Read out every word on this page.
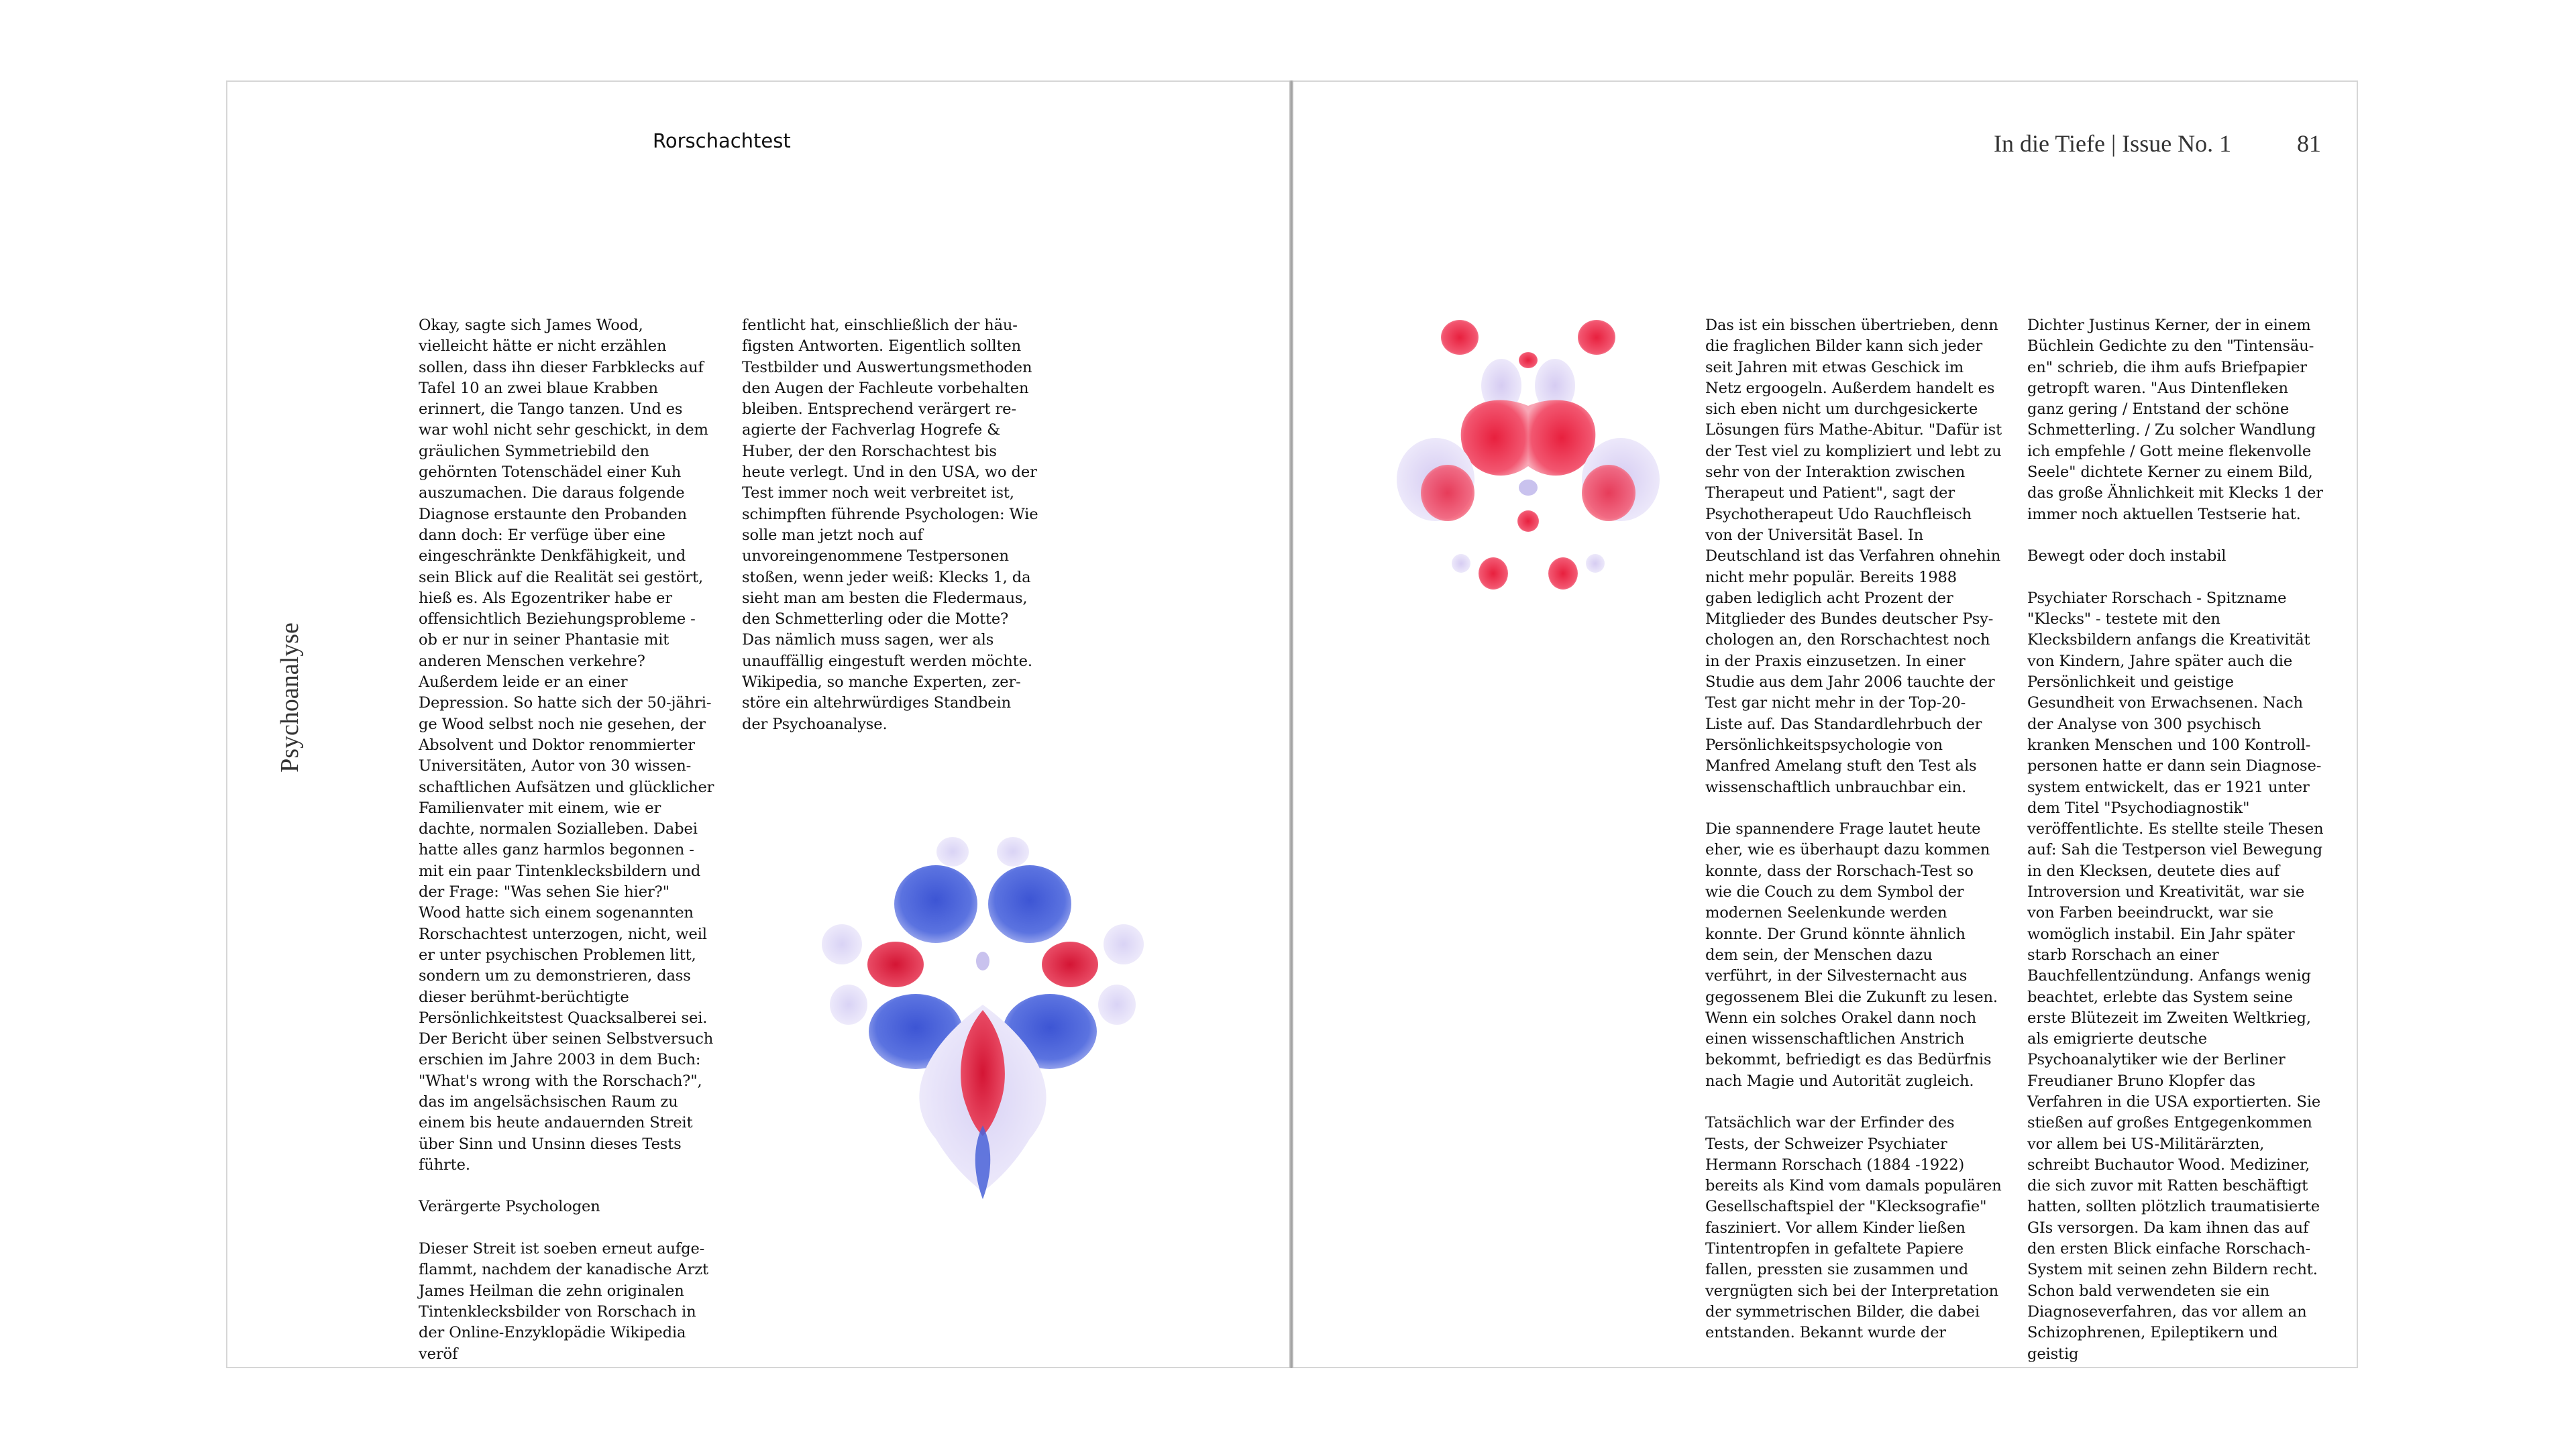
Rorschachtest
Psychoanalyse

Okay, sagte sich James Wood, vielleicht hätte er nicht erzählen sollen, dass ihn dieser Farbklecks auf Tafel 10 an zwei blaue Krabben erinnert, die Tango tanzen. Und es war wohl nicht sehr geschickt, in dem gräulichen Symmetriebild den gehörnten Totenschädel einer Kuh auszumachen. Die daraus folgende Diagnose erstaunte den Probanden dann doch: Er verfüge über eine eingeschränkte Denkfähigkeit, und sein Blick auf die Realität sei gestört, hieß es. Als Egozentriker habe er offensichtlich Beziehungsprobleme - ob er nur in seiner Phantasie mit anderen Menschen verkehre? Außerdem leide er an einer Depression. So hatte sich der 50-jährige Wood selbst noch nie gesehen, der Absolvent und Doktor renommierter Universitäten, Autor von 30 wissenschaftlichen Aufsätzen und glücklicher Familienvater mit einem, wie er dachte, normalen Sozialleben. Dabei hatte alles ganz harmlos begonnen - mit ein paar Tintenklecksbildern und der Frage: "Was sehen Sie hier?"
Wood hatte sich einem sogenannten Rorschachtest unterzogen, nicht, weil er unter psychischen Problemen litt, sondern um zu demonstrieren, dass dieser berühmt-berüchtigte Persönlichkeitstest Quacksalberei sei. Der Bericht über seinen Selbstversuch erschien im Jahre 2003 in dem Buch: "What's wrong with the Rorschach?", das im angelsächsischen Raum zu einem bis heute andauernden Streit über Sinn und Unsinn dieses Tests führte.

Verärgerte Psychologen

Dieser Streit ist soeben erneut aufgeflammt, nachdem der kanadische Arzt James Heilman die zehn originalen Tintenklecksbilder von Rorschach in der Online-Enzyklopädie Wikipedia veröf

fentlicht hat, einschließlich der häufigsten Antworten. Eigentlich sollten Testbilder und Auswertungsmethoden den Augen der Fachleute vorbehalten bleiben. Entsprechend verärgert reagierte der Fachverlag Hogrefe & Huber, der den Rorschachtest bis heute verlegt. Und in den USA, wo der Test immer noch weit verbreitet ist, schimpften führende Psychologen: Wie solle man jetzt noch auf unvoreingenommene Testpersonen stoßen, wenn jeder weiß: Klecks 1, da sieht man am besten die Fledermaus, den Schmetterling oder die Motte? Das nämlich muss sagen, wer als unauffällig eingestuft werden möchte. Wikipedia, so manche Experten, zerstöre ein altehrwürdiges Standbein der Psychoanalyse.

In die Tiefe | Issue No. 1	81

Das ist ein bisschen übertrieben, denn die fraglichen Bilder kann sich jeder seit Jahren mit etwas Geschick im Netz ergoogeln. Außerdem handelt es sich eben nicht um durchgesickerte Lösungen fürs Mathe-Abitur. "Dafür ist der Test viel zu kompliziert und lebt zu sehr von der Interaktion zwischen Therapeut und Patient", sagt der Psychotherapeut Udo Rauchfleisch von der Universität Basel. In Deutschland ist das Verfahren ohnehin nicht mehr populär. Bereits 1988 gaben lediglich acht Prozent der Mitglieder des Bundes deutscher Psychologen an, den Rorschachtest noch in der Praxis einzusetzen. In einer Studie aus dem Jahr 2006 tauchte der Test gar nicht mehr in der Top-20-Liste auf. Das Standardlehrbuch der Persönlichkeitspsychologie von Manfred Amelang stuft den Test als wissenschaftlich unbrauchbar ein.

Die spannendere Frage lautet heute eher, wie es überhaupt dazu kommen konnte, dass der Rorschach-Test so wie die Couch zu dem Symbol der modernen Seelenkunde werden konnte. Der Grund könnte ähnlich dem sein, der Menschen dazu verführt, in der Silvesternacht aus gegossenem Blei die Zukunft zu lesen. Wenn ein solches Orakel dann noch einen wissenschaftlichen Anstrich bekommt, befriedigt es das Bedürfnis nach Magie und Autorität zugleich.

Tatsächlich war der Erfinder des Tests, der Schweizer Psychiater Hermann Rorschach (1884 -1922) bereits als Kind vom damals populären Gesellschaftspiel der "Klecksografie" fasziniert. Vor allem Kinder ließen Tintentropfen in gefaltete Papiere fallen, pressten sie zusammen und vergnügten sich bei der Interpretation der symmetrischen Bilder, die dabei entstanden. Bekannt wurde der

Dichter Justinus Kerner, der in einem Büchlein Gedichte zu den "Tintensäuen" schrieb, die ihm aufs Briefpapier getropft waren. "Aus Dintenfleken ganz gering / Entstand der schöne Schmetterling. / Zu solcher Wandlung ich empfehle / Gott meine flekenvolle Seele" dichtete Kerner zu einem Bild, das große Ähnlichkeit mit Klecks 1 der immer noch aktuellen Testserie hat.

Bewegt oder doch instabil

Psychiater Rorschach - Spitzname "Klecks" - testete mit den Klecksbildern anfangs die Kreativität von Kindern, Jahre später auch die Persönlichkeit und geistige Gesundheit von Erwachsenen. Nach der Analyse von 300 psychisch kranken Menschen und 100 Kontrollpersonen hatte er dann sein Diagnosesystem entwickelt, das er 1921 unter dem Titel "Psychodiagnostik" veröffentlichte. Es stellte steile Thesen auf: Sah die Testperson viel Bewegung in den Klecksen, deutete dies auf Introversion und Kreativität, war sie von Farben beeindruckt, war sie womöglich instabil. Ein Jahr später starb Rorschach an einer Bauchfellentzündung. Anfangs wenig beachtet, erlebte das System seine erste Blütezeit im Zweiten Weltkrieg, als emigrierte deutsche Psychoanalytiker wie der Berliner Freudianer Bruno Klopfer das Verfahren in die USA exportierten. Sie stießen auf großes Entgegenkommen vor allem bei US-Militärärzten, schreibt Buchautor Wood. Mediziner, die sich zuvor mit Ratten beschäftigt hatten, sollten plötzlich traumatisierte GIs versorgen. Da kam ihnen das auf den ersten Blick einfache Rorschach-System mit seinen zehn Bildern recht. Schon bald verwendeten sie ein Diagnoseverfahren, das vor allem an Schizophrenen, Epileptikern und geistig
